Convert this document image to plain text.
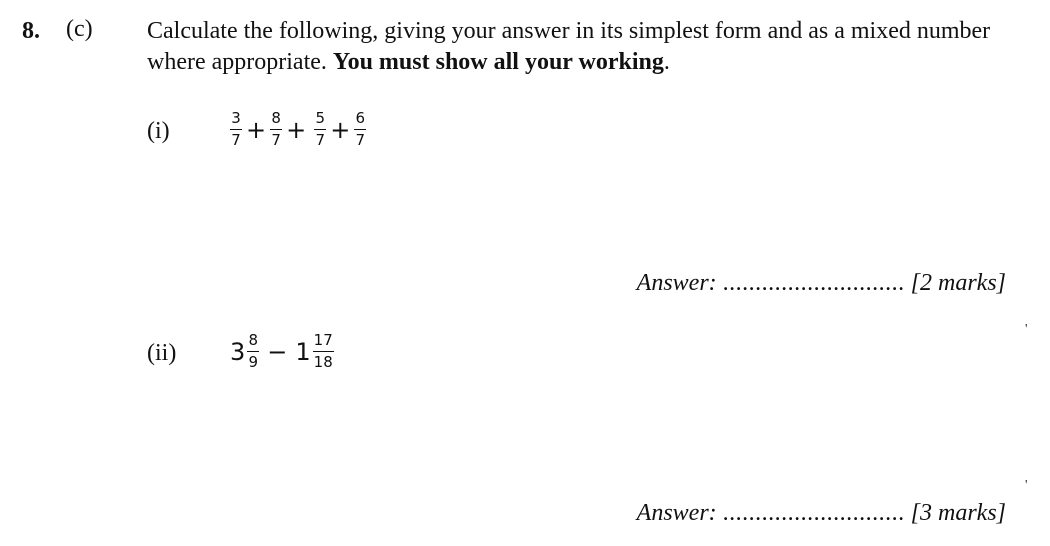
8. (c) Calculate the following, giving your answer in its simplest form and as a mixed number where appropriate. You must show all your working.
(i)	$\frac{3}{7} + \frac{8}{7} + \frac{5}{7} + \frac{6}{7}$
Answer: ............................ [2 marks]
'
'
(ii) $3 \frac{8}{9} - 1 \frac{17}{18}$
Answer: ............................ [3 marks]
